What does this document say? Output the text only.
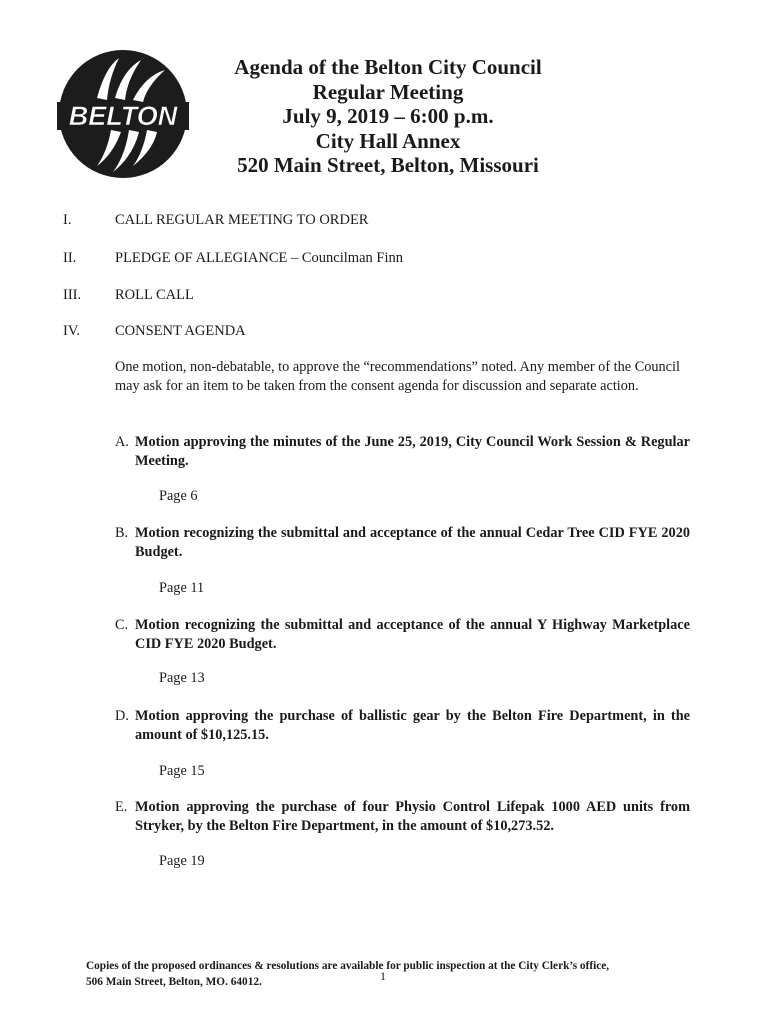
BELTON
Agenda of the Belton City Council
Regular Meeting
July 9, 2019 – 6:00 p.m.
City Hall Annex
520 Main Street, Belton, Missouri
I.	CALL REGULAR MEETING TO ORDER
II.	PLEDGE OF ALLEGIANCE – Councilman Finn
III. ROLL CALL
IV. CONSENT AGENDA
One motion, non-debatable, to approve the “recommendations” noted. Any member of the Council may ask for an item to be taken from the consent agenda for discussion and separate action.
A. Motion approving the minutes of the June 25, 2019, City Council Work Session & Regular Meeting.
Page 6
B. Motion recognizing the submittal and acceptance of the annual Cedar Tree CID FYE 2020 Budget.
Page 11
C. Motion recognizing the submittal and acceptance of the annual Y Highway Marketplace CID FYE 2020 Budget.
Page 13
D. Motion approving the purchase of ballistic gear by the Belton Fire Department, in the amount of $10,125.15.
Page 15
E. Motion approving the purchase of four Physio Control Lifepak 1000 AED units from Stryker, by the Belton Fire Department, in the amount of $10,273.52.
Page 19
Copies of the proposed ordinances & resolutions are available for public inspection at the City Clerk’s office,
506 Main Street, Belton, MO. 64012.	1
